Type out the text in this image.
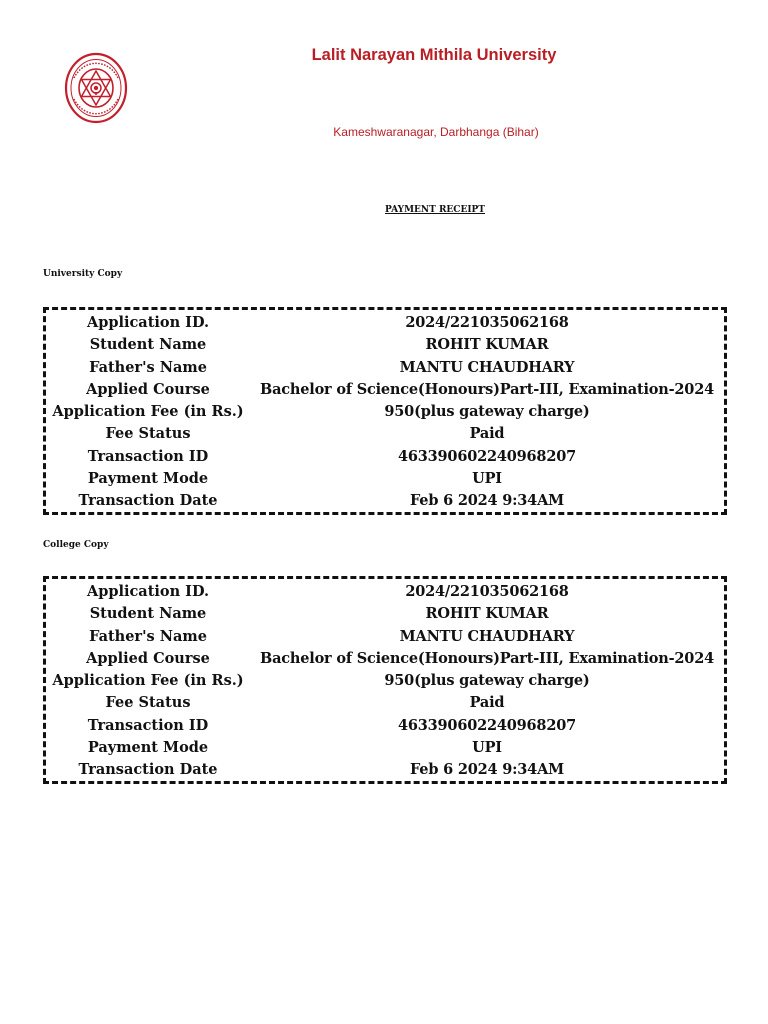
Lalit Narayan Mithila University
Kameshwaranagar, Darbhanga (Bihar)
PAYMENT RECEIPT
University Copy
Application ID.	2024/221035062168
Student Name	ROHIT KUMAR
Father's Name	MANTU CHAUDHARY
Applied Course	Bachelor of Science(Honours)Part-III, Examination-2024
Application Fee (in Rs.)	950(plus gateway charge)
Fee Status	Paid
Transaction ID	463390602240968207
Payment Mode	UPI
Transaction Date	Feb 6 2024 9:34AM
College Copy
Application ID.	2024/221035062168
Student Name	ROHIT KUMAR
Father's Name	MANTU CHAUDHARY
Applied Course	Bachelor of Science(Honours)Part-III, Examination-2024
Application Fee (in Rs.)	950(plus gateway charge)
Fee Status	Paid
Transaction ID	463390602240968207
Payment Mode	UPI
Transaction Date	Feb 6 2024 9:34AM
